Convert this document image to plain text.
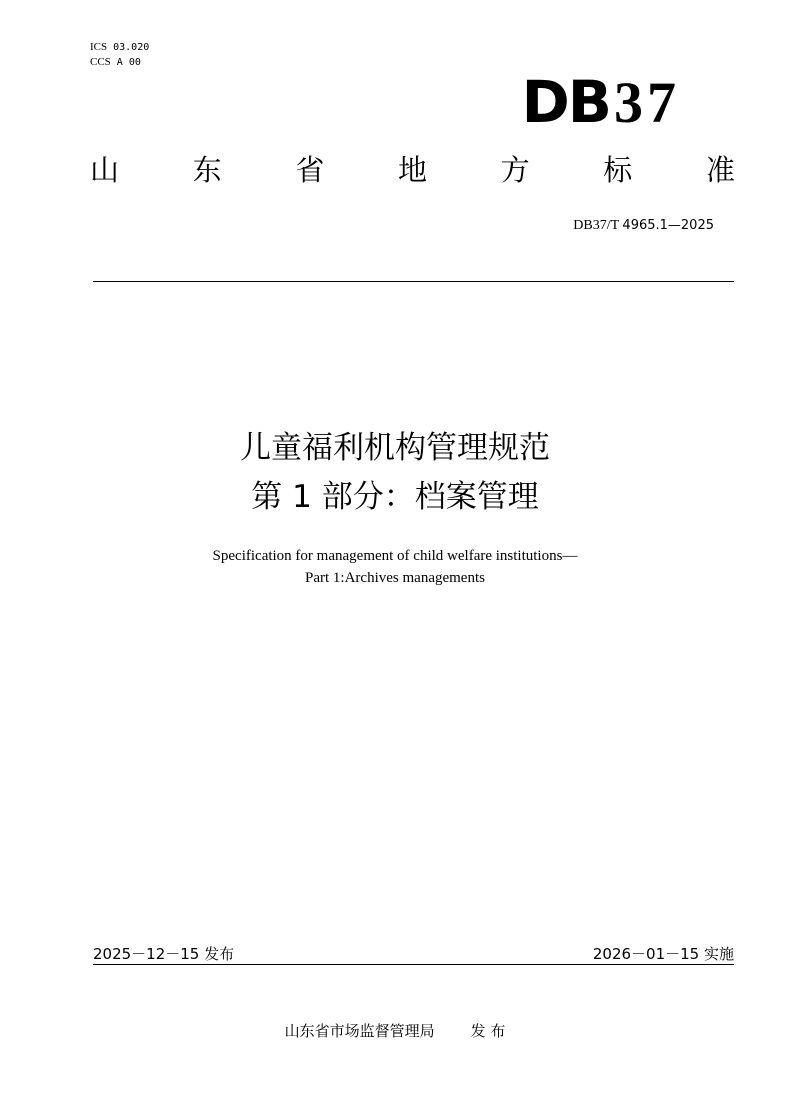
ICS 03.020
CCS A 00
DB37
山	东	省	地	方	标	准
DB37/T 4965.1—2025
儿童福利机构管理规范
第 1 部分：档案管理
Specification for management of child welfare institutions—
Part 1:Archives managements
2025－12－15 发布	2026－01－15 实施
山东省市场监督管理局 发 布
